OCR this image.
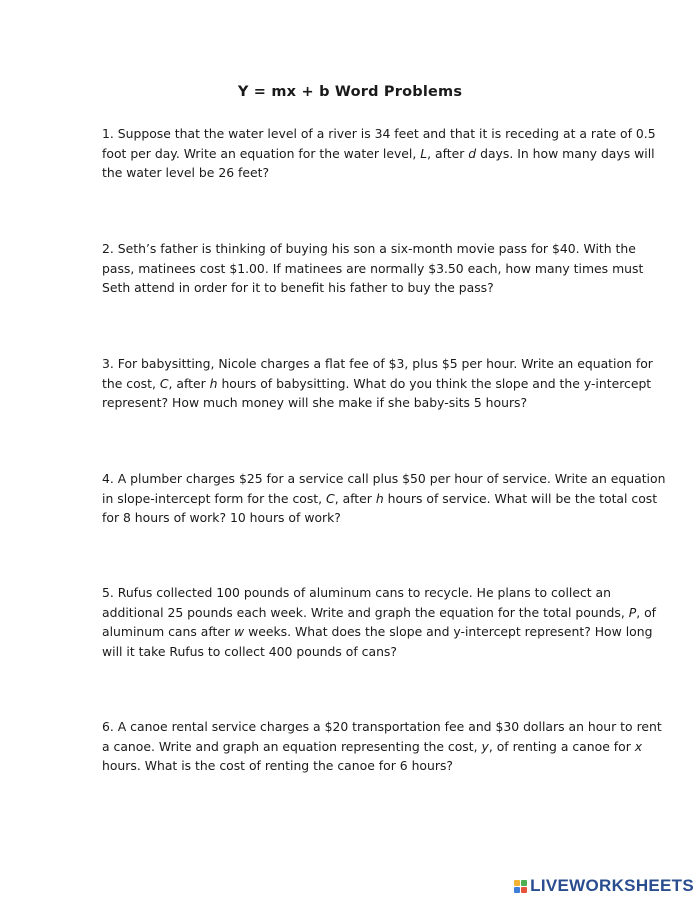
Y = mx + b Word Problems

1. Suppose that the water level of a river is 34 feet and that it is receding at a rate of 0.5 foot per day. Write an equation for the water level, L, after d days. In how many days will the water level be 26 feet?

2. Seth’s father is thinking of buying his son a six-month movie pass for $40. With the pass, matinees cost $1.00. If matinees are normally $3.50 each, how many times must Seth attend in order for it to benefit his father to buy the pass?

3. For babysitting, Nicole charges a flat fee of $3, plus $5 per hour. Write an equation for the cost, C, after h hours of babysitting. What do you think the slope and the y-intercept represent? How much money will she make if she baby-sits 5 hours?

4. A plumber charges $25 for a service call plus $50 per hour of service. Write an equation in slope-intercept form for the cost, C, after h hours of service. What will be the total cost for 8 hours of work? 10 hours of work?

5. Rufus collected 100 pounds of aluminum cans to recycle. He plans to collect an additional 25 pounds each week. Write and graph the equation for the total pounds, P, of aluminum cans after w weeks. What does the slope and y-intercept represent? How long will it take Rufus to collect 400 pounds of cans?

6. A canoe rental service charges a $20 transportation fee and $30 dollars an hour to rent a canoe. Write and graph an equation representing the cost, y, of renting a canoe for x hours. What is the cost of renting the canoe for 6 hours?

LIVEWORKSHEETS
